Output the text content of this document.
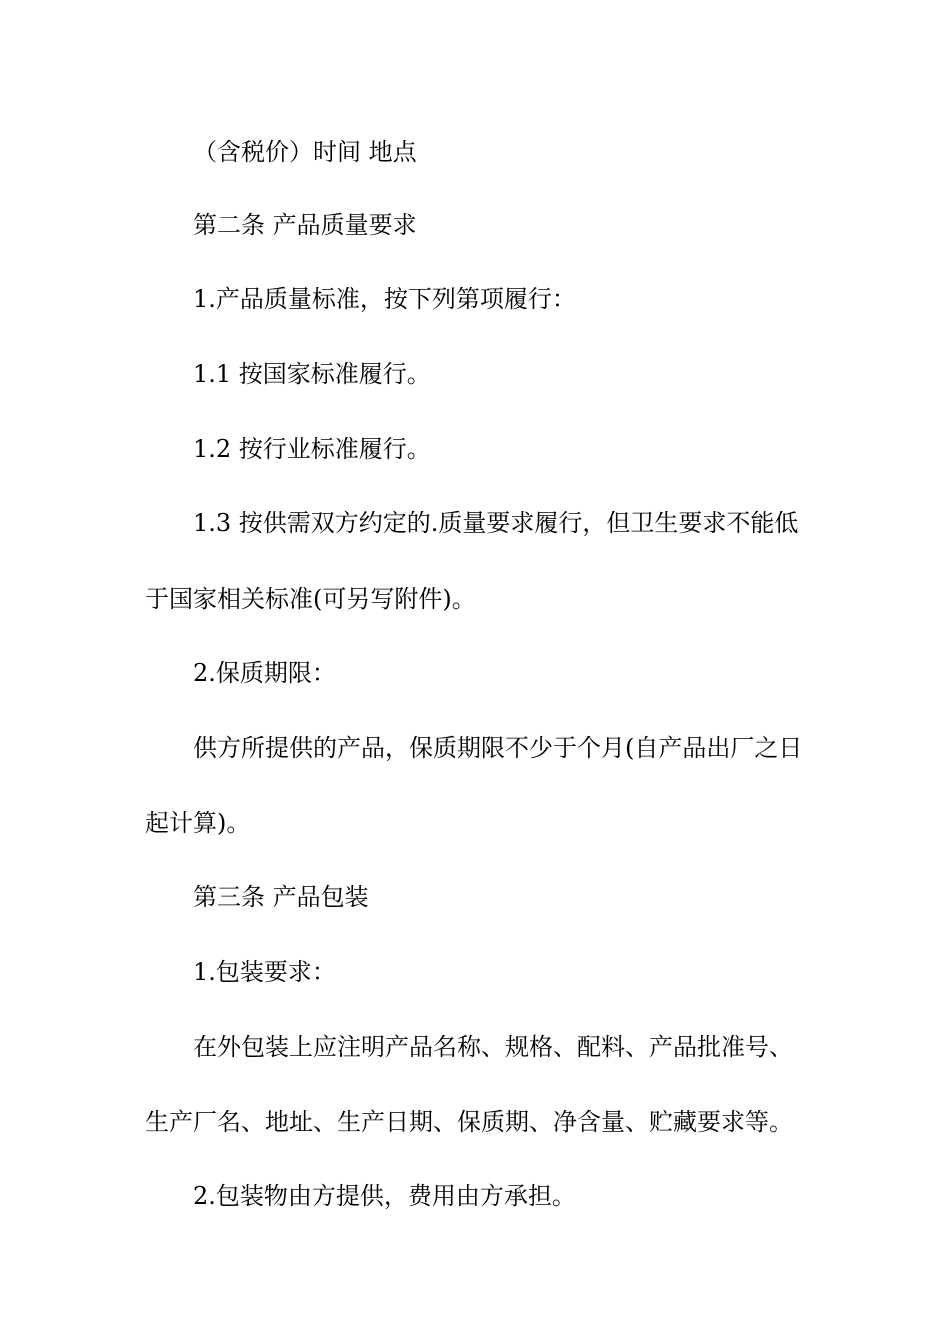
（含税价）时间 地点
第二条 产品质量要求
1.产品质量标准，按下列第项履行：
1.1 按国家标准履行。
1.2 按行业标准履行。
1.3 按供需双方约定的.质量要求履行，但卫生要求不能低
于国家相关标准(可另写附件)。
2.保质期限：
供方所提供的产品，保质期限不少于个月(自产品出厂之日
起计算)。
第三条 产品包装
1.包装要求：
在外包装上应注明产品名称、规格、配料、产品批准号、
生产厂名、地址、生产日期、保质期、净含量、贮藏要求等。
2.包装物由方提供，费用由方承担。
